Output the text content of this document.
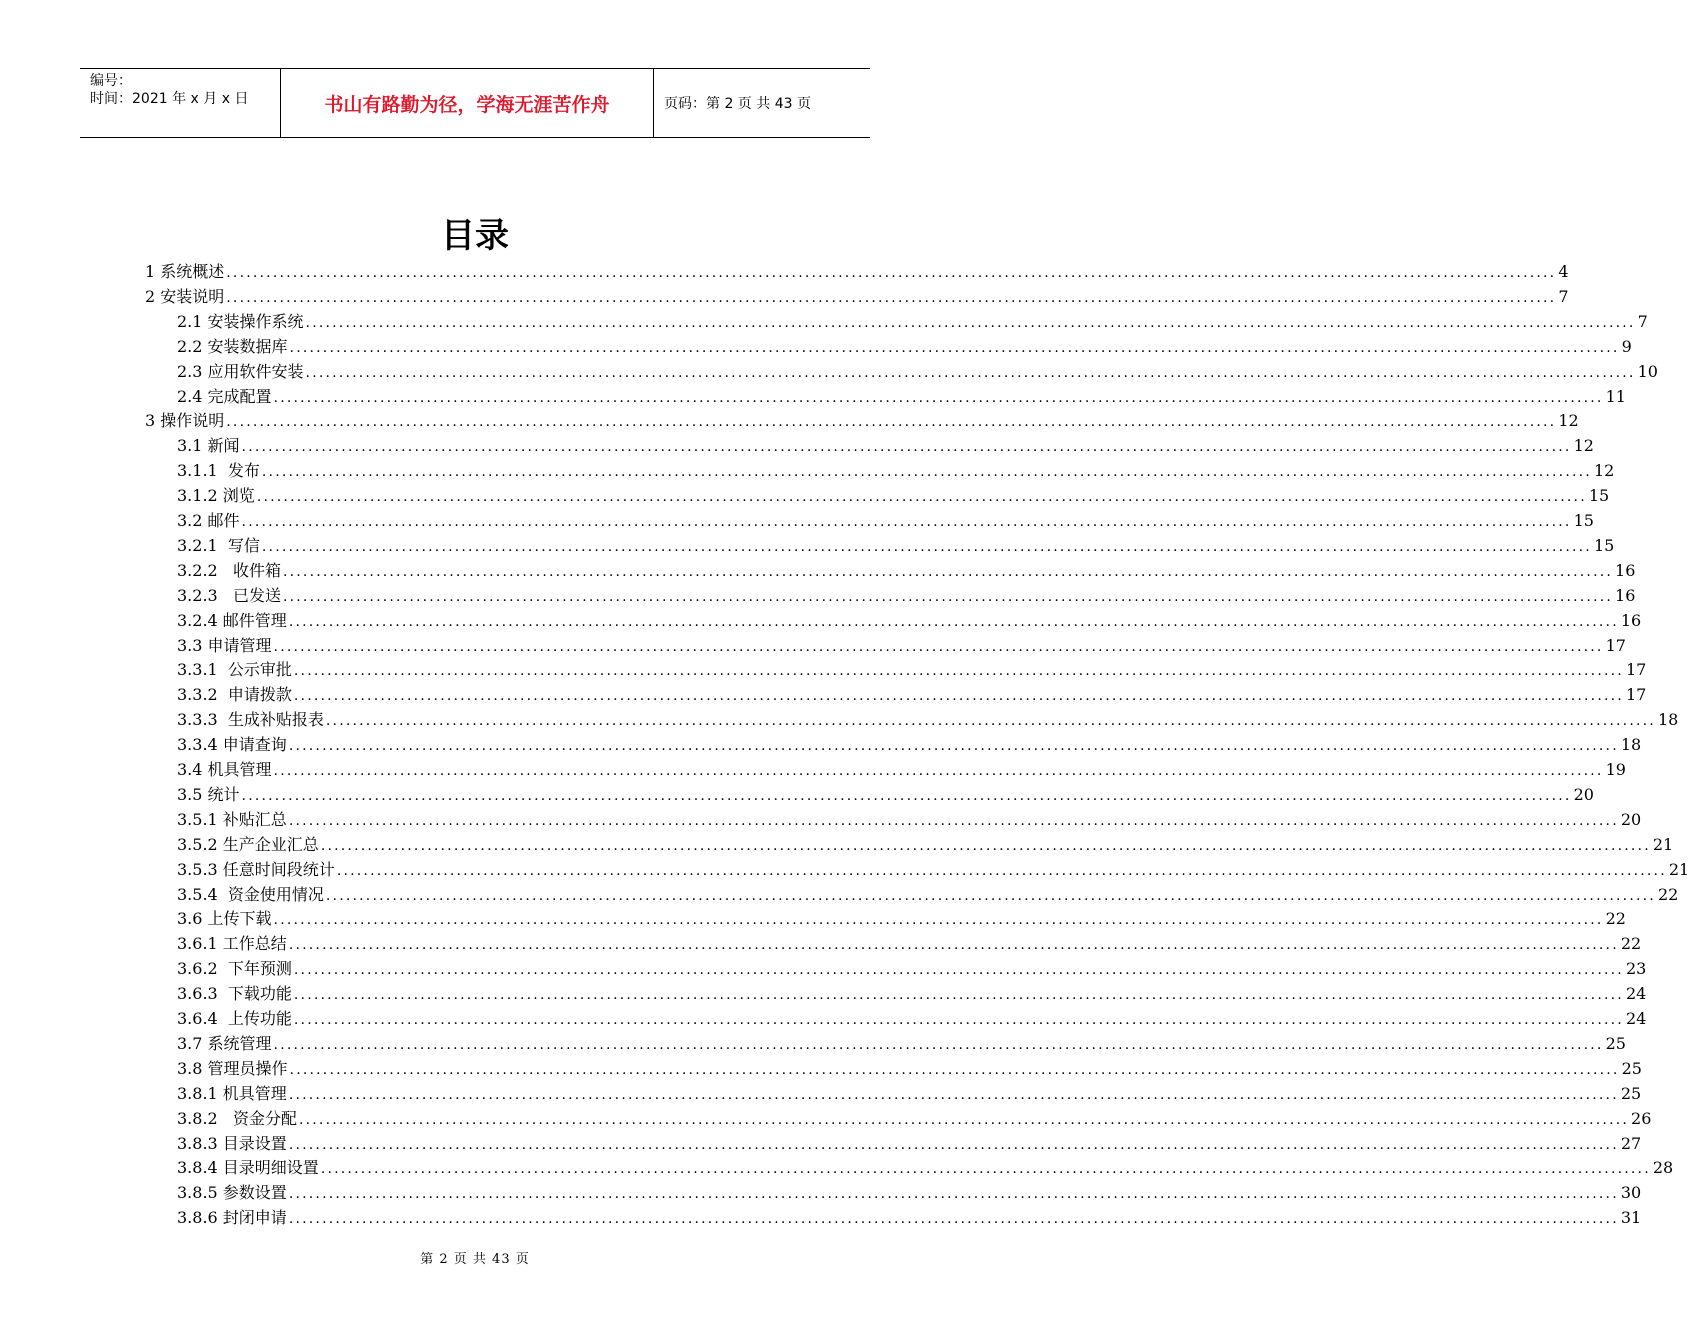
编号：
时间：2021 年 x 月 x 日	书山有路勤为径，学海无涯苦作舟	页码：第 2 页 共 43 页
目录
1 系统概述 ........................................................................................................................................................................................................ 4
2 安装说明 ........................................................................................................................................................................................................ 7
2.1 安装操作系统 ........................................................................................................................................................................................................ 7
2.2 安装数据库 ........................................................................................................................................................................................................ 9
2.3 应用软件安装 ........................................................................................................................................................................................................ 10
2.4 完成配置 ........................................................................................................................................................................................................ 11
3 操作说明 ........................................................................................................................................................................................................ 12
3.1 新闻 ........................................................................................................................................................................................................ 12
3.1.1  发布 ........................................................................................................................................................................................................ 12
3.1.2 浏览 ........................................................................................................................................................................................................ 15
3.2 邮件 ........................................................................................................................................................................................................ 15
3.2.1  写信 ........................................................................................................................................................................................................ 15
3.2.2   收件箱 ........................................................................................................................................................................................................ 16
3.2.3   已发送 ........................................................................................................................................................................................................ 16
3.2.4 邮件管理 ........................................................................................................................................................................................................ 16
3.3 申请管理 ........................................................................................................................................................................................................ 17
3.3.1  公示审批 ........................................................................................................................................................................................................ 17
3.3.2  申请拨款 ........................................................................................................................................................................................................ 17
3.3.3  生成补贴报表 ........................................................................................................................................................................................................ 18
3.3.4 申请查询 ........................................................................................................................................................................................................ 18
3.4 机具管理 ........................................................................................................................................................................................................ 19
3.5 统计 ........................................................................................................................................................................................................ 20
3.5.1 补贴汇总 ........................................................................................................................................................................................................ 20
3.5.2 生产企业汇总 ........................................................................................................................................................................................................ 21
3.5.3 任意时间段统计 ........................................................................................................................................................................................................ 21
3.5.4  资金使用情况 ........................................................................................................................................................................................................ 22
3.6 上传下载 ........................................................................................................................................................................................................ 22
3.6.1 工作总结 ........................................................................................................................................................................................................ 22
3.6.2  下年预测 ........................................................................................................................................................................................................ 23
3.6.3  下载功能 ........................................................................................................................................................................................................ 24
3.6.4  上传功能 ........................................................................................................................................................................................................ 24
3.7 系统管理 ........................................................................................................................................................................................................ 25
3.8 管理员操作 ........................................................................................................................................................................................................ 25
3.8.1 机具管理 ........................................................................................................................................................................................................ 25
3.8.2   资金分配 ........................................................................................................................................................................................................ 26
3.8.3 目录设置 ........................................................................................................................................................................................................ 27
3.8.4 目录明细设置 ........................................................................................................................................................................................................ 28
3.8.5 参数设置 ........................................................................................................................................................................................................ 30
3.8.6 封闭申请 ........................................................................................................................................................................................................ 31
第 2 页 共 43 页
